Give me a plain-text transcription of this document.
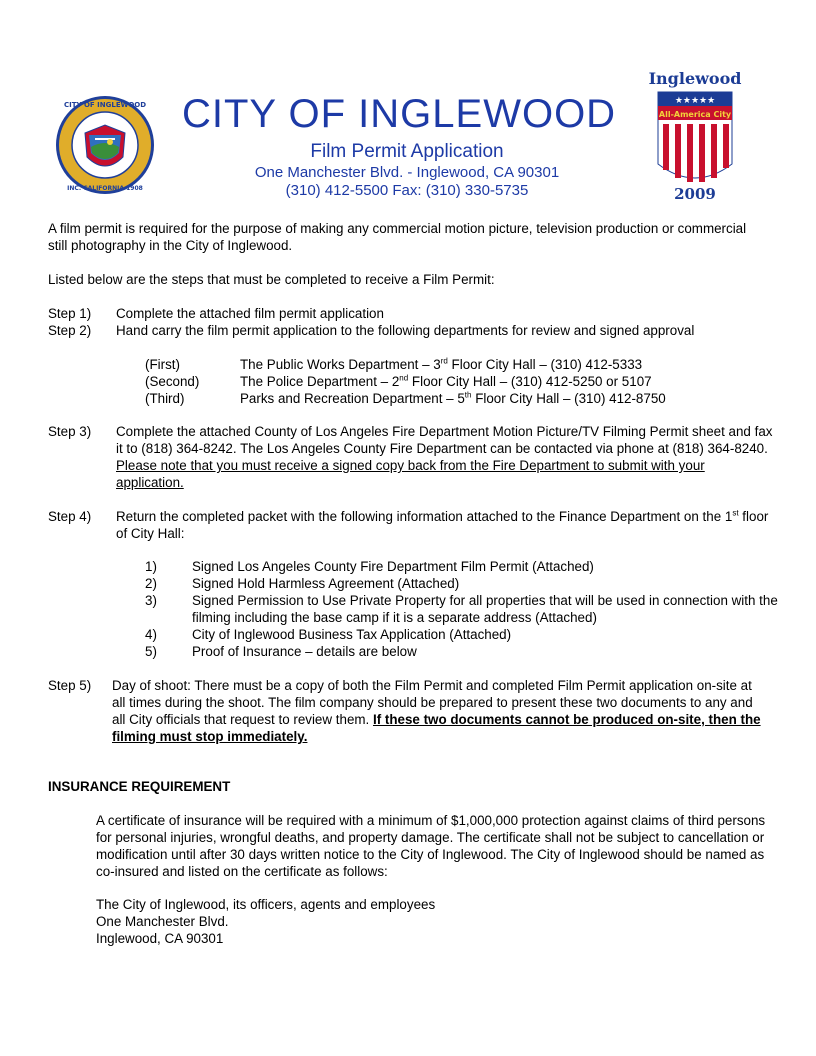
CITY OF INGLEWOOD
INC. CALIFORNIA 1908
CITY OF INGLEWOOD
Film Permit Application
One Manchester Blvd. - Inglewood, CA 90301
(310) 412-5500 Fax: (310) 330-5735
Inglewood
★★★★★
All-America City
2009
A film permit is required for the purpose of making any commercial motion picture, television production or commercial still photography in the City of Inglewood.
Listed below are the steps that must be completed to receive a Film Permit:
Step 1)	Complete the attached film permit application
Step 2)	Hand carry the film permit application to the following departments for review and signed approval
(First)	The Public Works Department – 3rd Floor City Hall – (310) 412-5333
(Second)	The Police Department – 2nd Floor City Hall – (310) 412-5250 or 5107
(Third)	Parks and Recreation Department – 5th Floor City Hall – (310) 412-8750
Step 3)	Complete the attached County of Los Angeles Fire Department Motion Picture/TV Filming Permit sheet and fax it to (818) 364-8242. The Los Angeles County Fire Department can be contacted via phone at (818) 364-8240. Please note that you must receive a signed copy back from the Fire Department to submit with your application.
Step 4)	Return the completed packet with the following information attached to the Finance Department on the 1st floor of City Hall:
1)	Signed Los Angeles County Fire Department Film Permit (Attached)
2)	Signed Hold Harmless Agreement (Attached)
3)	Signed Permission to Use Private Property for all properties that will be used in connection with the filming including the base camp if it is a separate address (Attached)
4)	City of Inglewood Business Tax Application (Attached)
5)	Proof of Insurance – details are below
Step 5)	Day of shoot: There must be a copy of both the Film Permit and completed Film Permit application on-site at all times during the shoot. The film company should be prepared to present these two documents to any and all City officials that request to review them. If these two documents cannot be produced on-site, then the filming must stop immediately.
INSURANCE REQUIREMENT
A certificate of insurance will be required with a minimum of $1,000,000 protection against claims of third persons for personal injuries, wrongful deaths, and property damage. The certificate shall not be subject to cancellation or modification until after 30 days written notice to the City of Inglewood. The City of Inglewood should be named as co-insured and listed on the certificate as follows:
The City of Inglewood, its officers, agents and employees
One Manchester Blvd.
Inglewood, CA 90301
